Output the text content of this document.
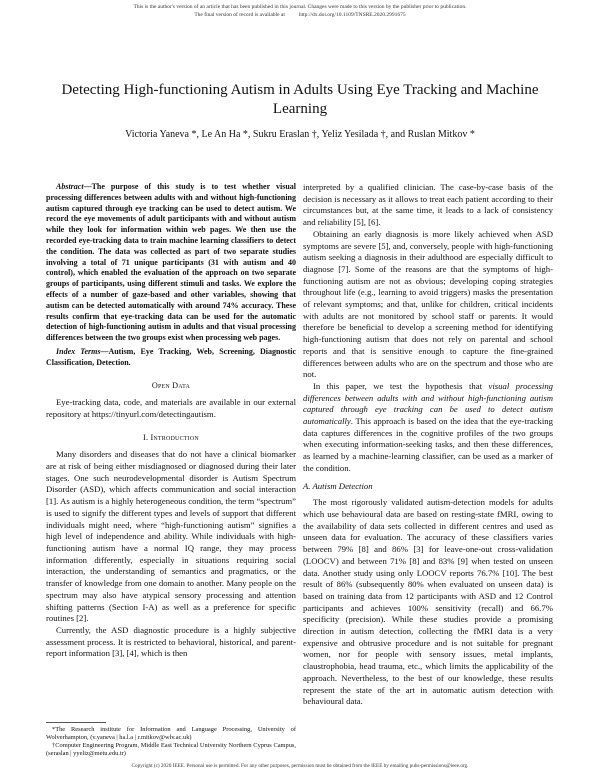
This is the author's version of an article that has been published in this journal. Changes were made to this version by the publisher prior to publication.
The final version of record is available at	http://dx.doi.org/10.1109/TNSRE.2020.2991675
Detecting High-functioning Autism in Adults Using Eye Tracking and Machine Learning
Victoria Yaneva *, Le An Ha *, Sukru Eraslan †, Yeliz Yesilada †, and Ruslan Mitkov *

Abstract—The purpose of this study is to test whether visual processing differences between adults with and without high-functioning autism captured through eye tracking can be used to detect autism. We record the eye movements of adult participants with and without autism while they look for information within web pages. We then use the recorded eye-tracking data to train machine learning classifiers to detect the condition. The data was collected as part of two separate studies involving a total of 71 unique participants (31 with autism and 40 control), which enabled the evaluation of the approach on two separate groups of participants, using different stimuli and tasks. We explore the effects of a number of gaze-based and other variables, showing that autism can be detected automatically with around 74% accuracy. These results confirm that eye-tracking data can be used for the automatic detection of high-functioning autism in adults and that visual processing differences between the two groups exist when processing web pages.

Index Terms—Autism, Eye Tracking, Web, Screening, Diagnostic Classification, Detection.

Open Data

Eye-tracking data, code, and materials are available in our external repository at https://tinyurl.com/detectingautism.

I. Introduction

Many disorders and diseases that do not have a clinical biomarker are at risk of being either misdiagnosed or diagnosed during their later stages. One such neurodevelopmental disorder is Autism Spectrum Disorder (ASD), which affects communication and social interaction [1]. As autism is a highly heterogeneous condition, the term “spectrum” is used to signify the different types and levels of support that different individuals might need, where “high-functioning autism” signifies a high level of independence and ability. While individuals with high-functioning autism have a normal IQ range, they may process information differently, especially in situations requiring social interaction, the understanding of semantics and pragmatics, or the transfer of knowledge from one domain to another. Many people on the spectrum may also have atypical sensory processing and attention shifting patterns (Section I-A) as well as a preference for specific routines [2].

Currently, the ASD diagnostic procedure is a highly subjective assessment process. It is restricted to behavioral, historical, and parent-report information [3], [4], which is then

interpreted by a qualified clinician. The case-by-case basis of the decision is necessary as it allows to treat each patient according to their circumstances but, at the same time, it leads to a lack of consistency and reliability [5], [6].

Obtaining an early diagnosis is more likely achieved when ASD symptoms are severe [5], and, conversely, people with high-functioning autism seeking a diagnosis in their adulthood are especially difficult to diagnose [7]. Some of the reasons are that the symptoms of high-functioning autism are not as obvious; developing coping strategies throughout life (e.g., learning to avoid triggers) masks the presentation of relevant symptoms; and that, unlike for children, critical incidents with adults are not monitored by school staff or parents. It would therefore be beneficial to develop a screening method for identifying high-functioning autism that does not rely on parental and school reports and that is sensitive enough to capture the fine-grained differences between adults who are on the spectrum and those who are not.

In this paper, we test the hypothesis that visual processing differences between adults with and without high-functioning autism captured through eye tracking can be used to detect autism automatically. This approach is based on the idea that the eye-tracking data captures differences in the cognitive profiles of the two groups when executing information-seeking tasks, and then these differences, as learned by a machine-learning classifier, can be used as a marker of the condition.

A. Autism Detection

The most rigorously validated autism-detection models for adults which use behavioural data are based on resting-state fMRI, owing to the availability of data sets collected in different centres and used as unseen data for evaluation. The accuracy of these classifiers varies between 79% [8] and 86% [3] for leave-one-out cross-validation (LOOCV) and between 71% [8] and 83% [9] when tested on unseen data. Another study using only LOOCV reports 76.7% [10]. The best result of 86% (subsequently 80% when evaluated on unseen data) is based on training data from 12 participants with ASD and 12 Control participants and achieves 100% sensitivity (recall) and 66.7% specificity (precision). While these studies provide a promising direction in autism detection, collecting the fMRI data is a very expensive and obtrusive procedure and is not suitable for pregnant women, nor for people with sensory issues, metal implants, claustrophobia, head trauma, etc., which limits the applicability of the approach. Nevertheless, to the best of our knowledge, these results represent the state of the art in automatic autism detection with behavioural data.

*The Research institute for Information and Language Processing, University of Wolverhampton, (v.yaneva | ha.l.a | r.mitkov@wlv.ac.uk)

†Computer Engineering Program, Middle East Technical University Northern Cyprus Campus, (seraslan | yyeliz@metu.edu.tr)

Copyright (c) 2020 IEEE. Personal use is permitted. For any other purposes, permission must be obtained from the IEEE by emailing pubs-permissions@ieee.org.
